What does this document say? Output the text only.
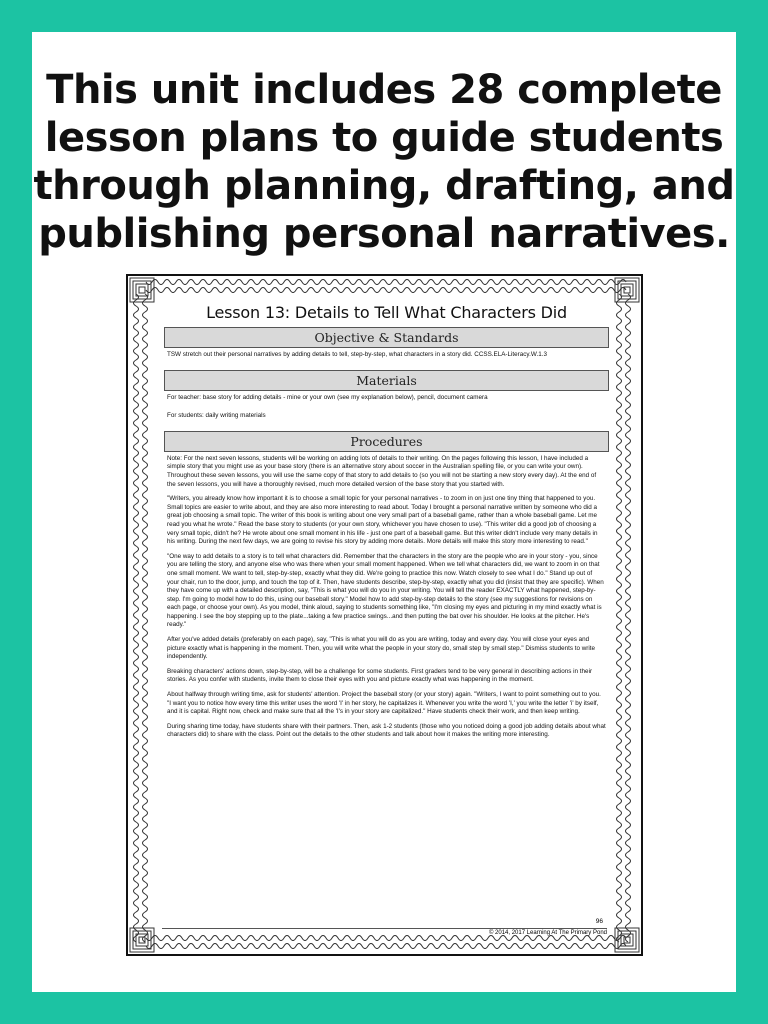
This unit includes 28 complete
lesson plans to guide students
through planning, drafting, and
publishing personal narratives.
Lesson 13: Details to Tell What Characters Did
Objective & Standards

TSW stretch out their personal narratives by adding details to tell, step-by-step, what characters in a story did. CCSS.ELA-Literacy.W.1.3

Materials

For teacher: base story for adding details - mine or your own (see my explanation below), pencil, document camera

For students: daily writing materials

Procedures

Note: For the next seven lessons, students will be working on adding lots of details to their writing. On the pages following this lesson, I have included a simple story that you might use as your base story (there is an alternative story about soccer in the Australian spelling file, or you can write your own). Throughout these seven lessons, you will use the same copy of that story to add details to (so you will not be starting a new story every day). At the end of the seven lessons, you will have a thoroughly revised, much more detailed version of the base story that you started with.

"Writers, you already know how important it is to choose a small topic for your personal narratives - to zoom in on just one tiny thing that happened to you. Small topics are easier to write about, and they are also more interesting to read about. Today I brought a personal narrative written by someone who did a great job choosing a small topic. The writer of this book is writing about one very small part of a baseball game, rather than a whole baseball game. Let me read you what he wrote." Read the base story to students (or your own story, whichever you have chosen to use). "This writer did a good job of choosing a very small topic, didn't he? He wrote about one small moment in his life - just one part of a baseball game. But this writer didn't include very many details in his writing. During the next few days, we are going to revise his story by adding more details. More details will make this story more interesting to read."

"One way to add details to a story is to tell what characters did. Remember that the characters in the story are the people who are in your story - you, since you are telling the story, and anyone else who was there when your small moment happened. When we tell what characters did, we want to zoom in on that one small moment. We want to tell, step-by-step, exactly what they did. We're going to practice this now. Watch closely to see what I do." Stand up out of your chair, run to the door, jump, and touch the top of it. Then, have students describe, step-by-step, exactly what you did (insist that they are specific). When they have come up with a detailed description, say, "This is what you will do you in your writing. You will tell the reader EXACTLY what happened, step-by-step. I'm going to model how to do this, using our baseball story." Model how to add step-by-step details to the story (see my suggestions for revisions on each page, or choose your own). As you model, think aloud, saying to students something like, "I'm closing my eyes and picturing in my mind exactly what is happening. I see the boy stepping up to the plate...taking a few practice swings...and then putting the bat over his shoulder. He looks at the pitcher. He's ready."

After you've added details (preferably on each page), say, "This is what you will do as you are writing, today and every day. You will close your eyes and picture exactly what is happening in the moment. Then, you will write what the people in your story do, small step by small step." Dismiss students to write independently.

Breaking characters' actions down, step-by-step, will be a challenge for some students. First graders tend to be very general in describing actions in their stories. As you confer with students, invite them to close their eyes with you and picture exactly what was happening in the moment.

About halfway through writing time, ask for students' attention. Project the baseball story (or your story) again. "Writers, I want to point something out to you. "I want you to notice how every time this writer uses the word 'I' in her story, he capitalizes it. Whenever you write the word 'I,' you write the letter 'i' by itself, and it is capital. Right now, check and make sure that all the 'I's in your story are capitalized." Have students check their work, and then keep writing.

During sharing time today, have students share with their partners. Then, ask 1-2 students (those who you noticed doing a good job adding details about what characters did) to share with the class. Point out the details to the other students and talk about how it makes the writing more interesting.

96
© 2014, 2017 Learning At The Primary Pond
